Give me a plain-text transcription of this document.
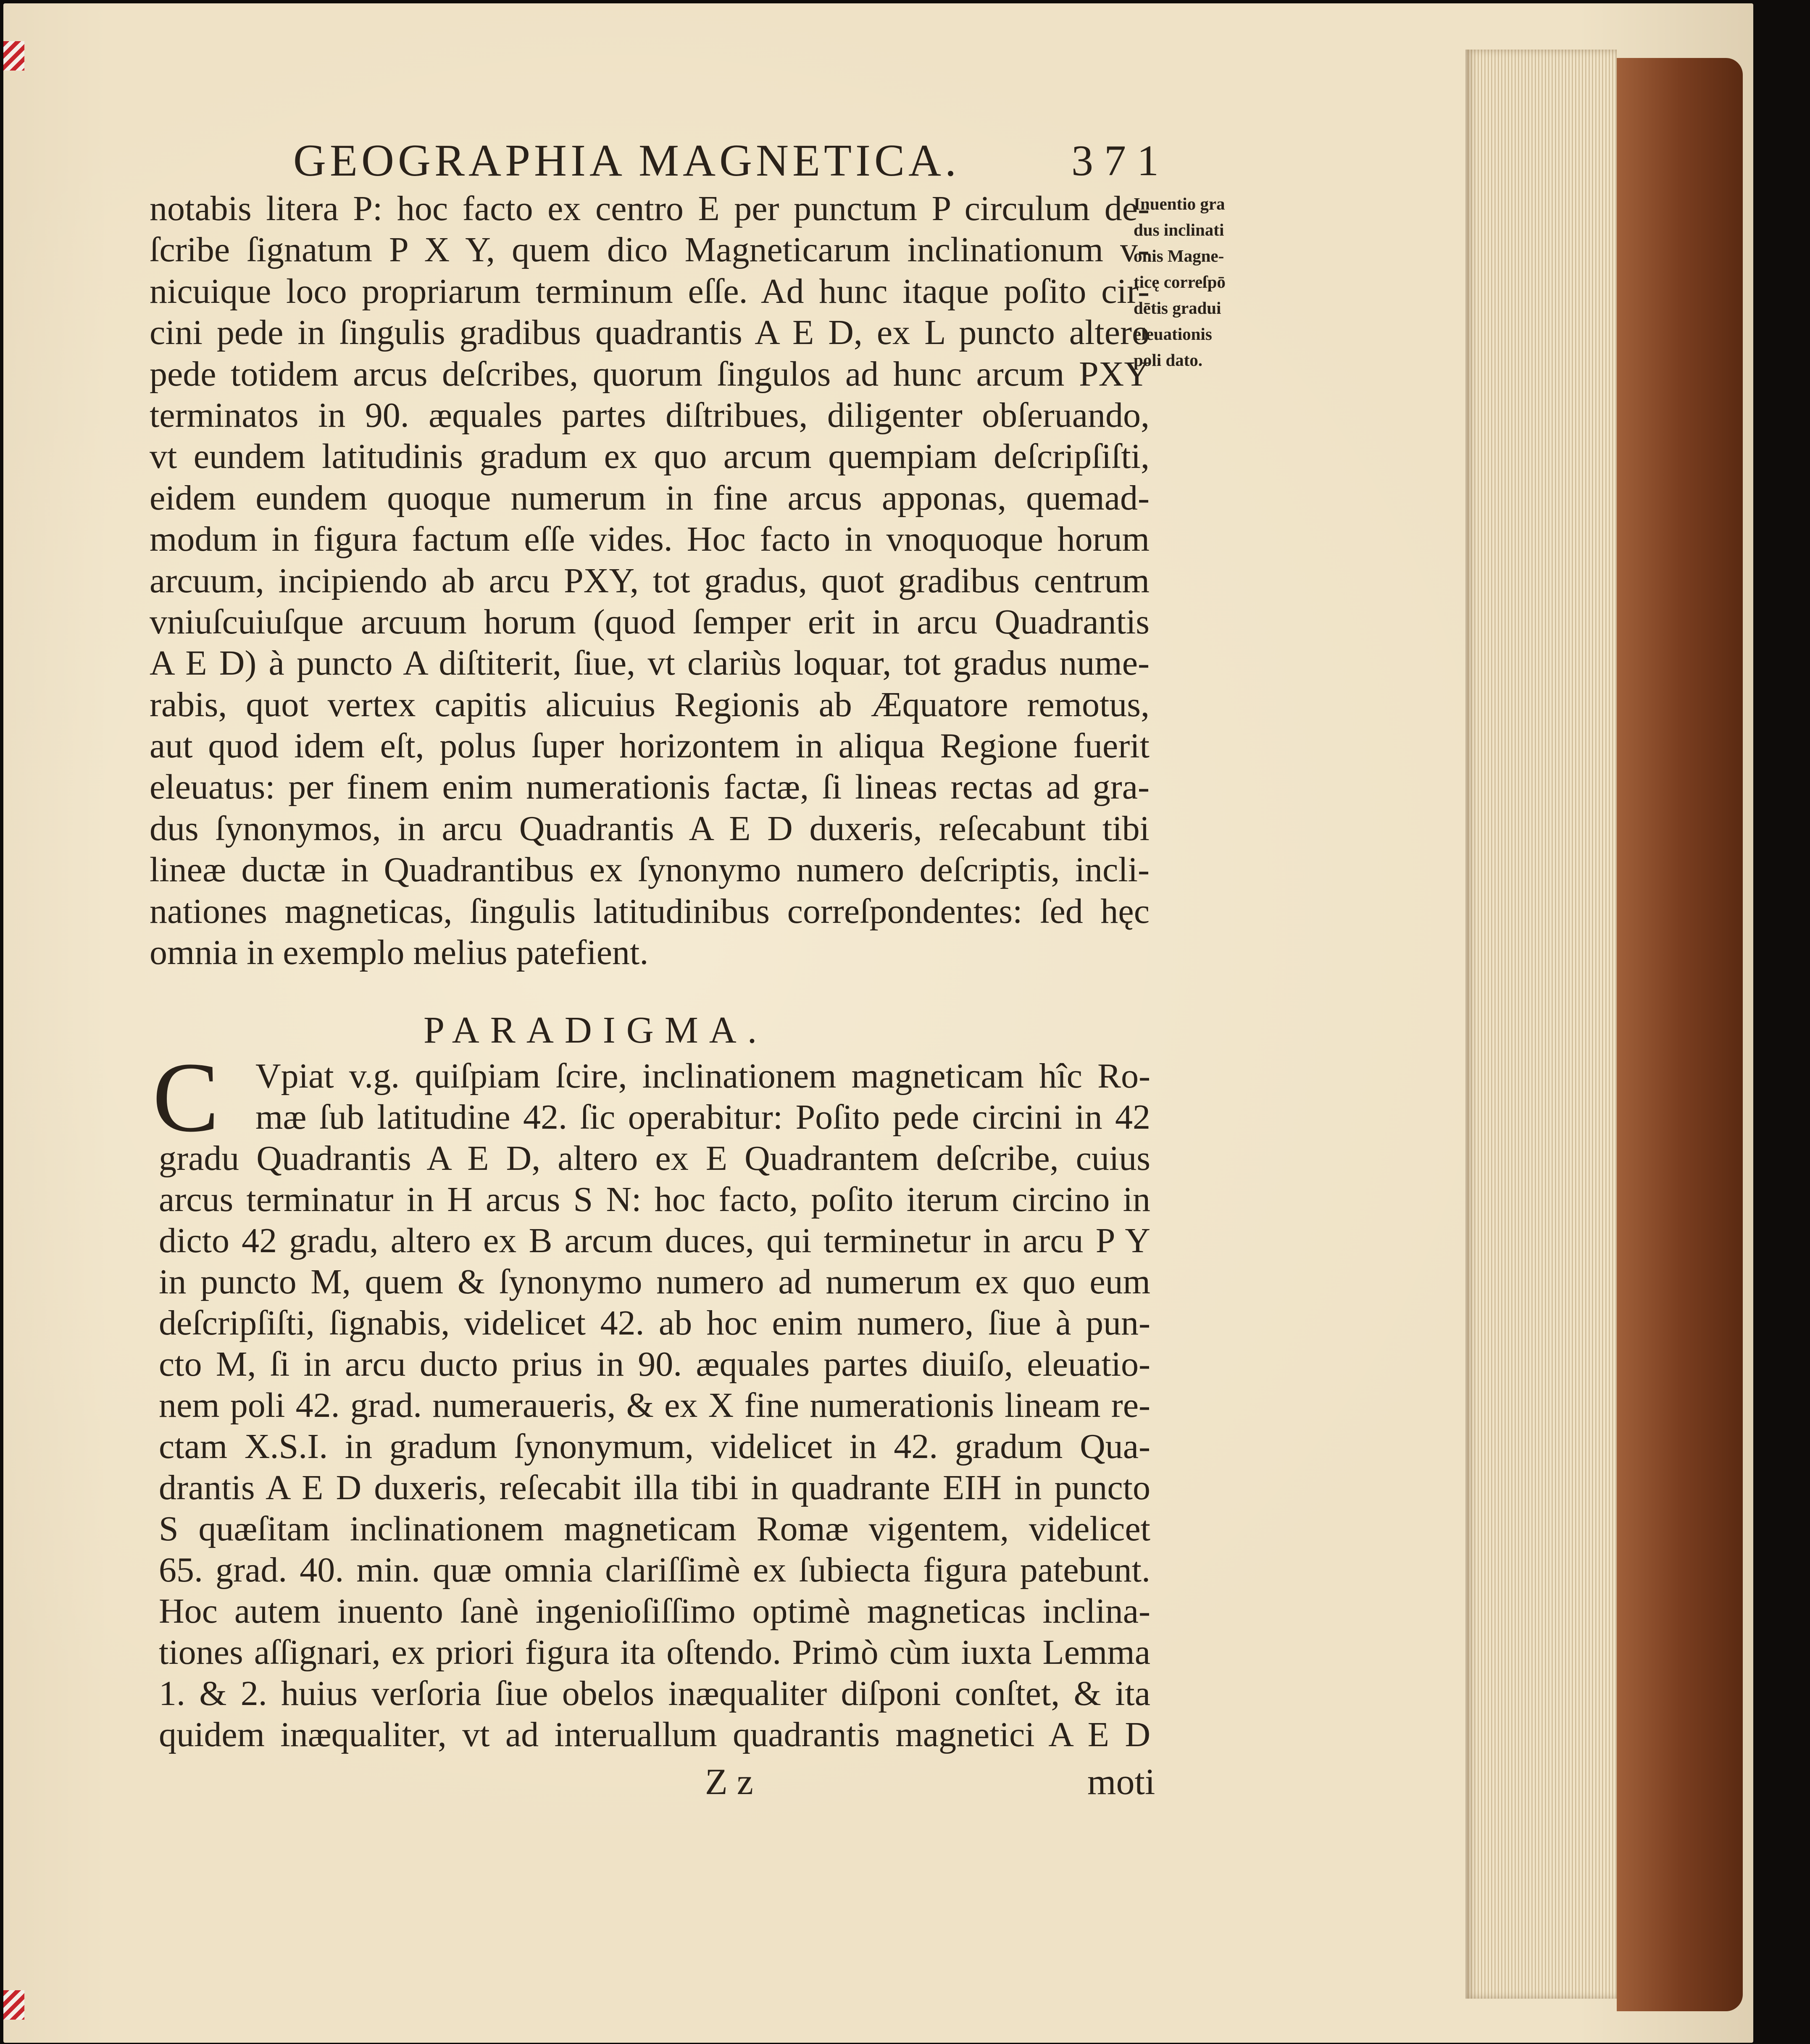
GEOGRAPHIA MAGNETICA.	3 7 1
notabis litera P: hoc facto ex centro E per punctum P circulum de-
ſcribe ſignatum P X Y, quem dico Magneticarum inclinationum v-
nicuique loco propriarum terminum eſſe. Ad hunc itaque poſito cir-
cini pede in ſingulis gradibus quadrantis A E D, ex L puncto altero
pede totidem arcus deſcribes, quorum ſingulos ad hunc arcum PXY
terminatos in 90. æquales partes diſtribues, diligenter obſeruando,
vt eundem latitudinis gradum ex quo arcum quempiam deſcripſiſti,
eidem eundem quoque numerum in fine arcus apponas, quemad-
modum in figura factum eſſe vides. Hoc facto in vnoquoque horum
arcuum, incipiendo ab arcu PXY, tot gradus, quot gradibus centrum
vniuſcuiuſque arcuum horum (quod ſemper erit in arcu Quadrantis
A E D) à puncto A diſtiterit, ſiue, vt clariùs loquar, tot gradus nume-
rabis, quot vertex capitis alicuius Regionis ab Æquatore remotus,
aut quod idem eſt, polus ſuper horizontem in aliqua Regione fuerit
eleuatus: per finem enim numerationis factæ, ſi lineas rectas ad gra-
dus ſynonymos, in arcu Quadrantis A E D duxeris, reſecabunt tibi
lineæ ductæ in Quadrantibus ex ſynonymo numero deſcriptis, incli-
nationes magneticas, ſingulis latitudinibus correſpondentes: ſed hęc
omnia in exemplo melius patefient.
Inuentio gra
dus inclinati
onis Magne-
ticę correſpō
dētis gradui
eleuationis
poli dato.
PARADIGMA.
C	Vpiat v.g. quiſpiam ſcire, inclinationem magneticam hîc Ro-
mæ ſub latitudine 42. ſic operabitur: Poſito pede circini in 42
gradu Quadrantis A E D, altero ex E Quadrantem deſcribe, cuius
arcus terminatur in H arcus S N: hoc facto, poſito iterum circino in
dicto 42 gradu, altero ex B arcum duces, qui terminetur in arcu P Y
in puncto M, quem & ſynonymo numero ad numerum ex quo eum
deſcripſiſti, ſignabis, videlicet 42. ab hoc enim numero, ſiue à pun-
cto M, ſi in arcu ducto prius in 90. æquales partes diuiſo, eleuatio-
nem poli 42. grad. numeraueris, & ex X fine numerationis lineam re-
ctam X.S.I. in gradum ſynonymum, videlicet in 42. gradum Qua-
drantis A E D duxeris, reſecabit illa tibi in quadrante EIH in puncto
S quæſitam inclinationem magneticam Romæ vigentem, videlicet
65. grad. 40. min. quæ omnia clariſſimè ex ſubiecta figura patebunt.
Hoc autem inuento ſanè ingenioſiſſimo optimè magneticas inclina-
tiones aſſignari, ex priori figura ita oſtendo. Primò cùm iuxta Lemma
1. & 2. huius verſoria ſiue obelos inæqualiter diſponi conſtet, & ita
quidem inæqualiter, vt ad interuallum quadrantis magnetici A E D
Z z	moti
